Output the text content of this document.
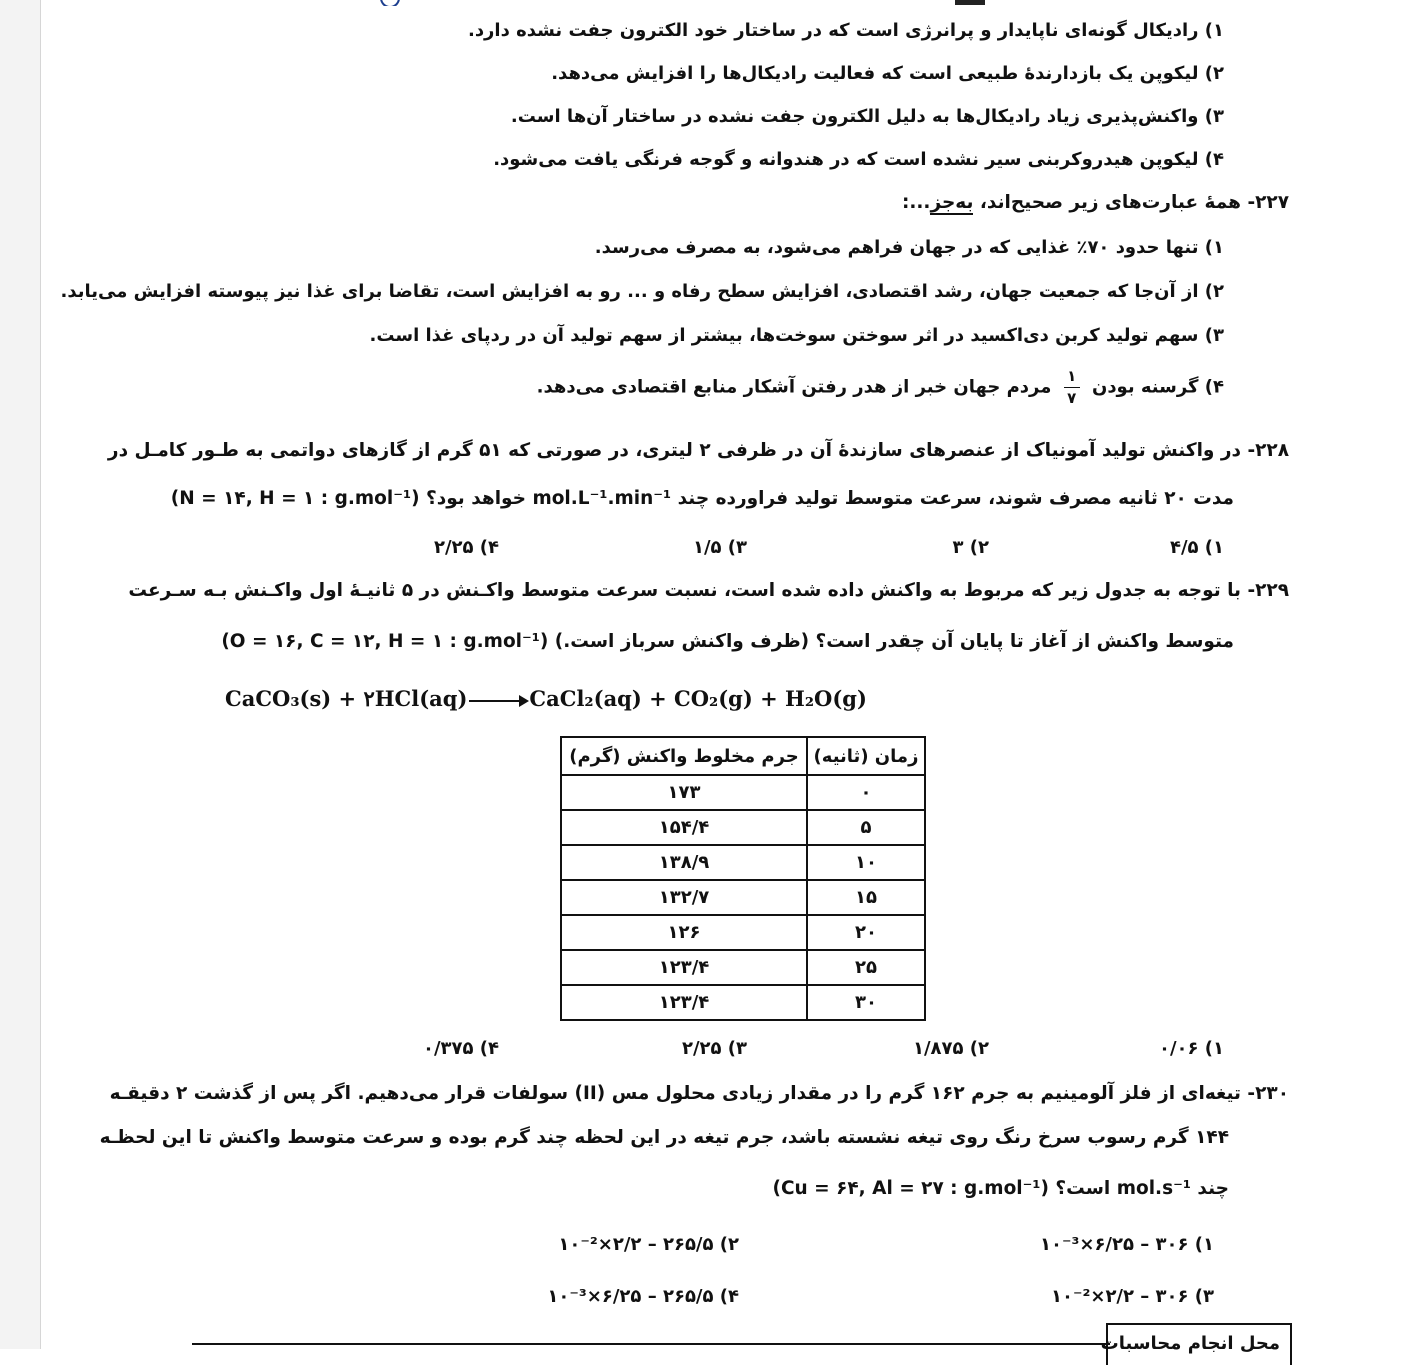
۱) رادیکال گونه‌ای ناپایدار و پرانرژی است که در ساختار خود الکترون جفت نشده دارد.
۲) لیکوپن یک بازدارندهٔ طبیعی است که فعالیت رادیکال‌ها را افزایش می‌دهد.
۳) واکنش‌پذیری زیاد رادیکال‌ها به دلیل الکترون جفت نشده در ساختار آن‌ها است.
۴) لیکوپن هیدروکربنی سیر نشده است که در هندوانه و گوجه فرنگی یافت می‌شود.
۲۲۷- همهٔ عبارت‌های زیر صحیح‌اند، به‌جز...:
۱) تنها حدود ۷۰٪ غذایی که در جهان فراهم می‌شود، به مصرف می‌رسد.
۲) از آن‌جا که جمعیت جهان، رشد اقتصادی، افزایش سطح رفاه و ... رو به افزایش است، تقاضا برای غذا نیز پیوسته افزایش می‌یابد.
۳) سهم تولید کربن دی‌اکسید در اثر سوختن سوخت‌ها، بیشتر از سهم تولید آن در ردپای غذا است.
۴) گرسنه بودن
$\frac{۱}{۷}$
مردم جهان خبر از هدر رفتن آشکار منابع اقتصادی می‌دهد.
۲۲۸- در واکنش تولید آمونیاک از عنصرهای سازندهٔ آن در ظرفی ۲ لیتری، در صورتی که ۵۱ گرم از گازهای دواتمی به طـور کامـل در
مدت ۲۰ ثانیه مصرف شوند، سرعت متوسط تولید فراورده چند mol.L⁻¹.min⁻¹ خواهد بود؟ (N = ۱۴, H = ۱ : g.mol⁻¹)
۱) ۴/۵
۲) ۳
۳) ۱/۵
۴) ۲/۲۵
۲۲۹- با توجه به جدول زیر که مربوط به واکنش داده شده است، نسبت سرعت متوسط واکـنش در ۵ ثانیـهٔ اول واکـنش بـه سـرعت
متوسط واکنش از آغاز تا پایان آن چقدر است؟ (ظرف واکنش سرباز است.) (O = ۱۶, C = ۱۲, H = ۱ : g.mol⁻¹)
CaCO₃(s) + ۲HCl(aq) → CaCl₂(aq) + CO₂(g) + H₂O(g)
زمان (ثانیه)	جرم مخلوط واکنش (گرم)
۰	۱۷۳
۵	۱۵۴/۴
۱۰	۱۳۸/۹
۱۵	۱۳۲/۷
۲۰	۱۲۶
۲۵	۱۲۳/۴
۳۰	۱۲۳/۴
۱) ۰/۰۶
۲) ۱/۸۷۵
۳) ۲/۲۵
۴) ۰/۳۷۵
۲۳۰- تیغه‌ای از فلز آلومینیم به جرم ۱۶۲ گرم را در مقدار زیادی محلول مس (II) سولفات قرار می‌دهیم. اگر پس از گذشت ۲ دقیقـه
۱۴۴ گرم رسوب سرخ رنگ روی تیغه نشسته باشد، جرم تیغه در این لحظه چند گرم بوده و سرعت متوسط واکنش تا این لحظـه
چند mol.s⁻¹ است؟ (Cu = ۶۴, Al = ۲۷ : g.mol⁻¹)
۱) ۳۰۶ – ۶/۲۵×۱۰⁻³
۲) ۲۶۵/۵ – ۲/۲×۱۰⁻²
۳) ۳۰۶ – ۲/۲×۱۰⁻²
۴) ۲۶۵/۵ – ۶/۲۵×۱۰⁻³
محل انجام محاسبات
